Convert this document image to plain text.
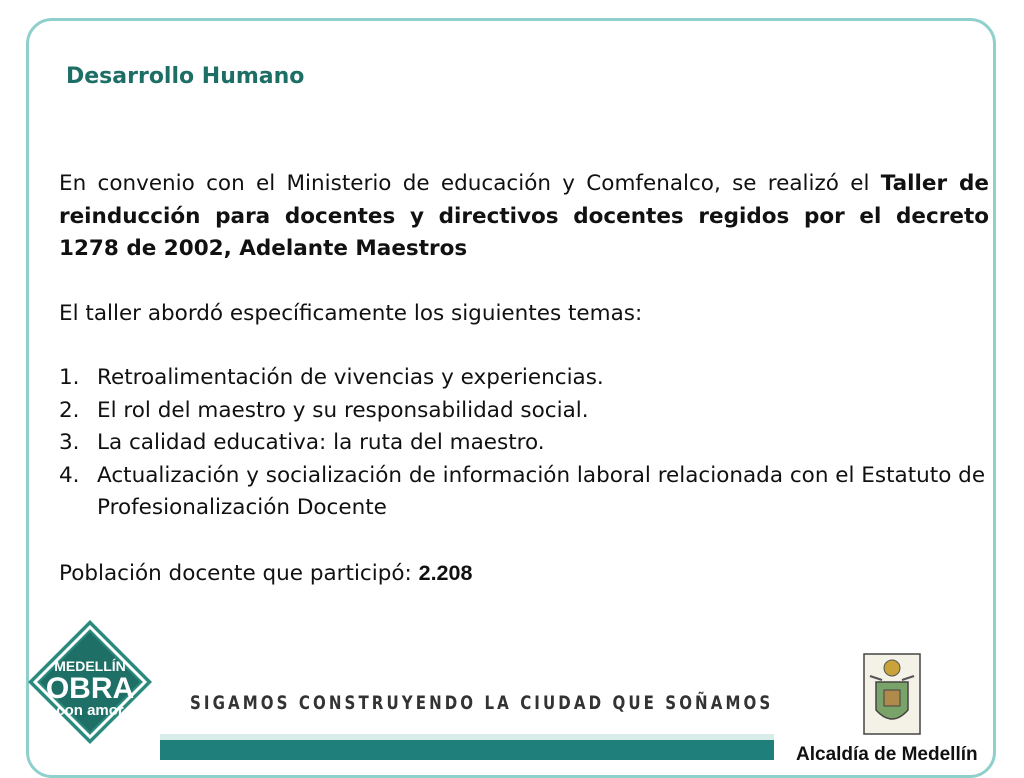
Desarrollo Humano

En convenio con el Ministerio de educación y Comfenalco, se realizó el Taller de reinducción para docentes y directivos docentes regidos por el decreto 1278 de 2002, Adelante Maestros

El taller abordó específicamente los siguientes temas:

1. Retroalimentación de vivencias y experiencias.
2. El rol del maestro y su responsabilidad social.
3. La calidad educativa: la ruta del maestro.
4. Actualización y socialización de información laboral relacionada con el Estatuto de Profesionalización Docente

Población docente que participó: 2.208

MEDELLÍN
OBRA
con amor	SIGAMOS CONSTRUYENDO LA CIUDAD QUE SOÑAMOS
Alcaldía de Medellín
